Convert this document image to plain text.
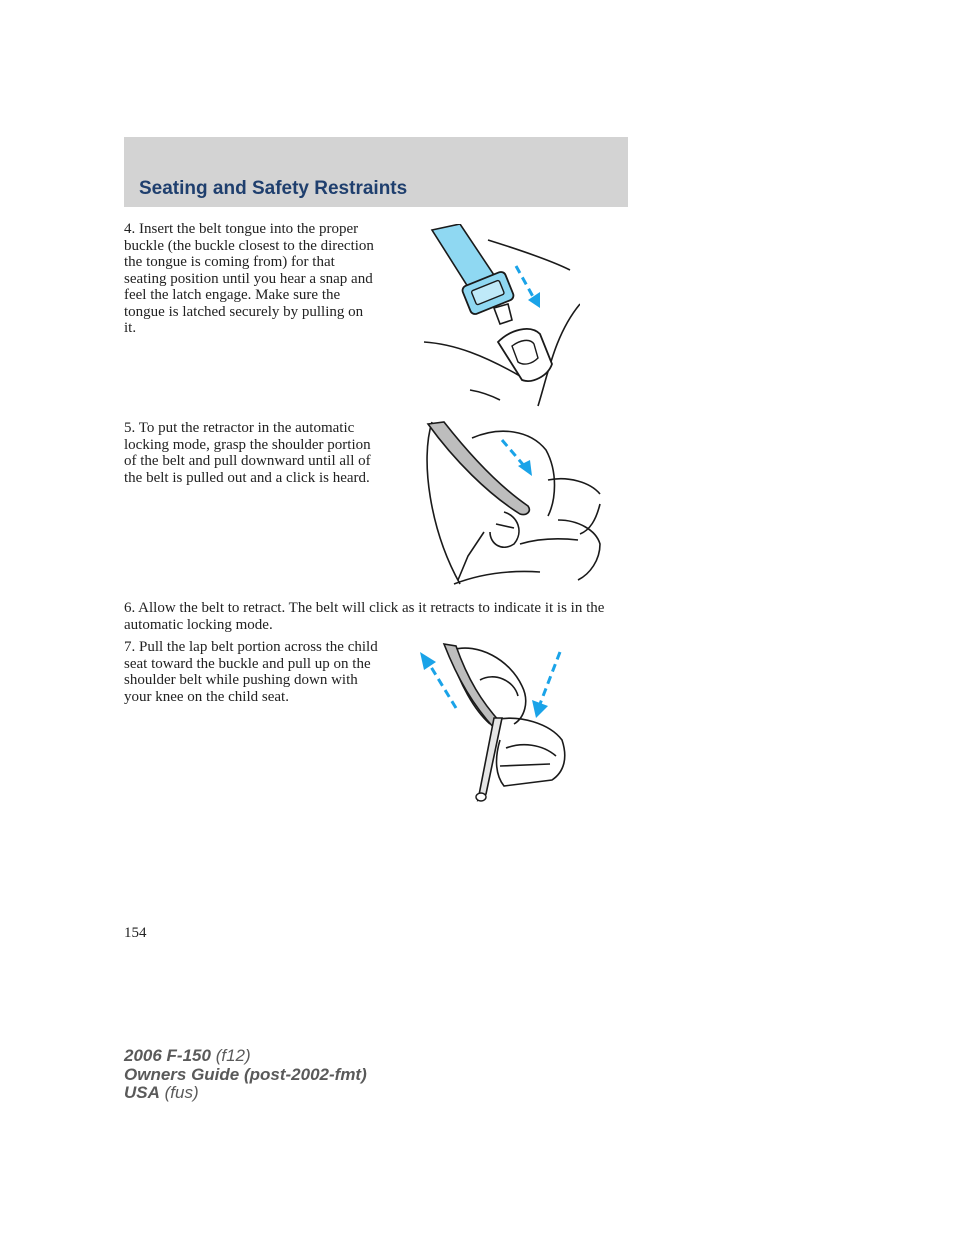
Seating and Safety Restraints

4. Insert the belt tongue into the proper buckle (the buckle closest to the direction the tongue is coming from) for that seating position until you hear a snap and feel the latch engage. Make sure the tongue is latched securely by pulling on it.

5. To put the retractor in the automatic locking mode, grasp the shoulder portion of the belt and pull downward until all of the belt is pulled out and a click is heard.

6. Allow the belt to retract. The belt will click as it retracts to indicate it is in the automatic locking mode.

7. Pull the lap belt portion across the child seat toward the buckle and pull up on the shoulder belt while pushing down with your knee on the child seat.

154
2006 F-150 (f12)
Owners Guide (post-2002-fmt)
USA (fus)
